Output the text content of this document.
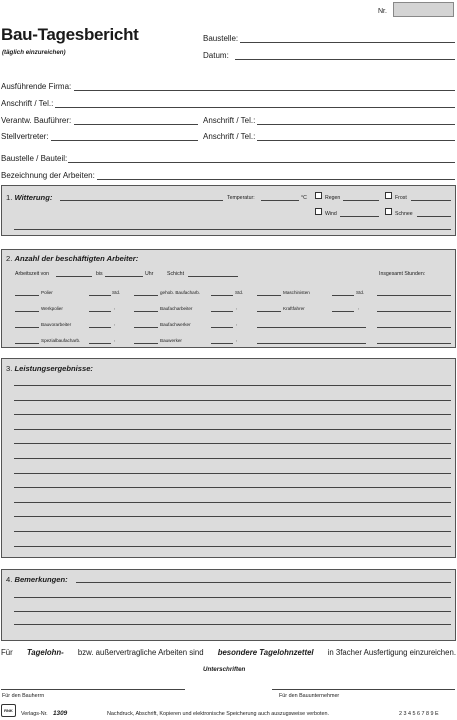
Nr.
Bau-Tagesbericht
(täglich einzureichen)
Baustelle:
Datum:
Ausführende Firma:
Anschrift / Tel.:
Verantw. Bauführer:	Anschrift / Tel.:
Stellvertreter:	Anschrift / Tel.:
Baustelle / Bauteil:
Bezeichnung der Arbeiten:
1. Witterung:	Temperatur:	°C	Regen	Frost
Wind	Schnee
2. Anzahl der beschäftigten Arbeiter:
Arbeitszeit von	bis	Uhr	Schicht	Insgesamt Stunden:
Polier	Std.	gehob. Baufacharb.	Std.	Maschinisten	Std.
Werkpolier	,	Baufacharbeiter	,	Kraftfahrer	,
Bauvorarbeiter	,	Baufachwerker	,
Spezialbaufacharb.	,	Bauwerker	,
3. Leistungsergebnisse:
4. Bemerkungen:
Für Tagelohn- bzw. außervertragliche Arbeiten sind besondere Tagelohnzettel in 3facher Ausfertigung einzureichen.
Unterschriften
Für den Bauherrn	Für den Bauunternehmer
RNK
Verlags-Nr. 1309	Nachdruck, Abschrift, Kopieren und elektronische Speicherung auch auszugsweise verboten.	2 3 4 5 6 7 8 9 E
